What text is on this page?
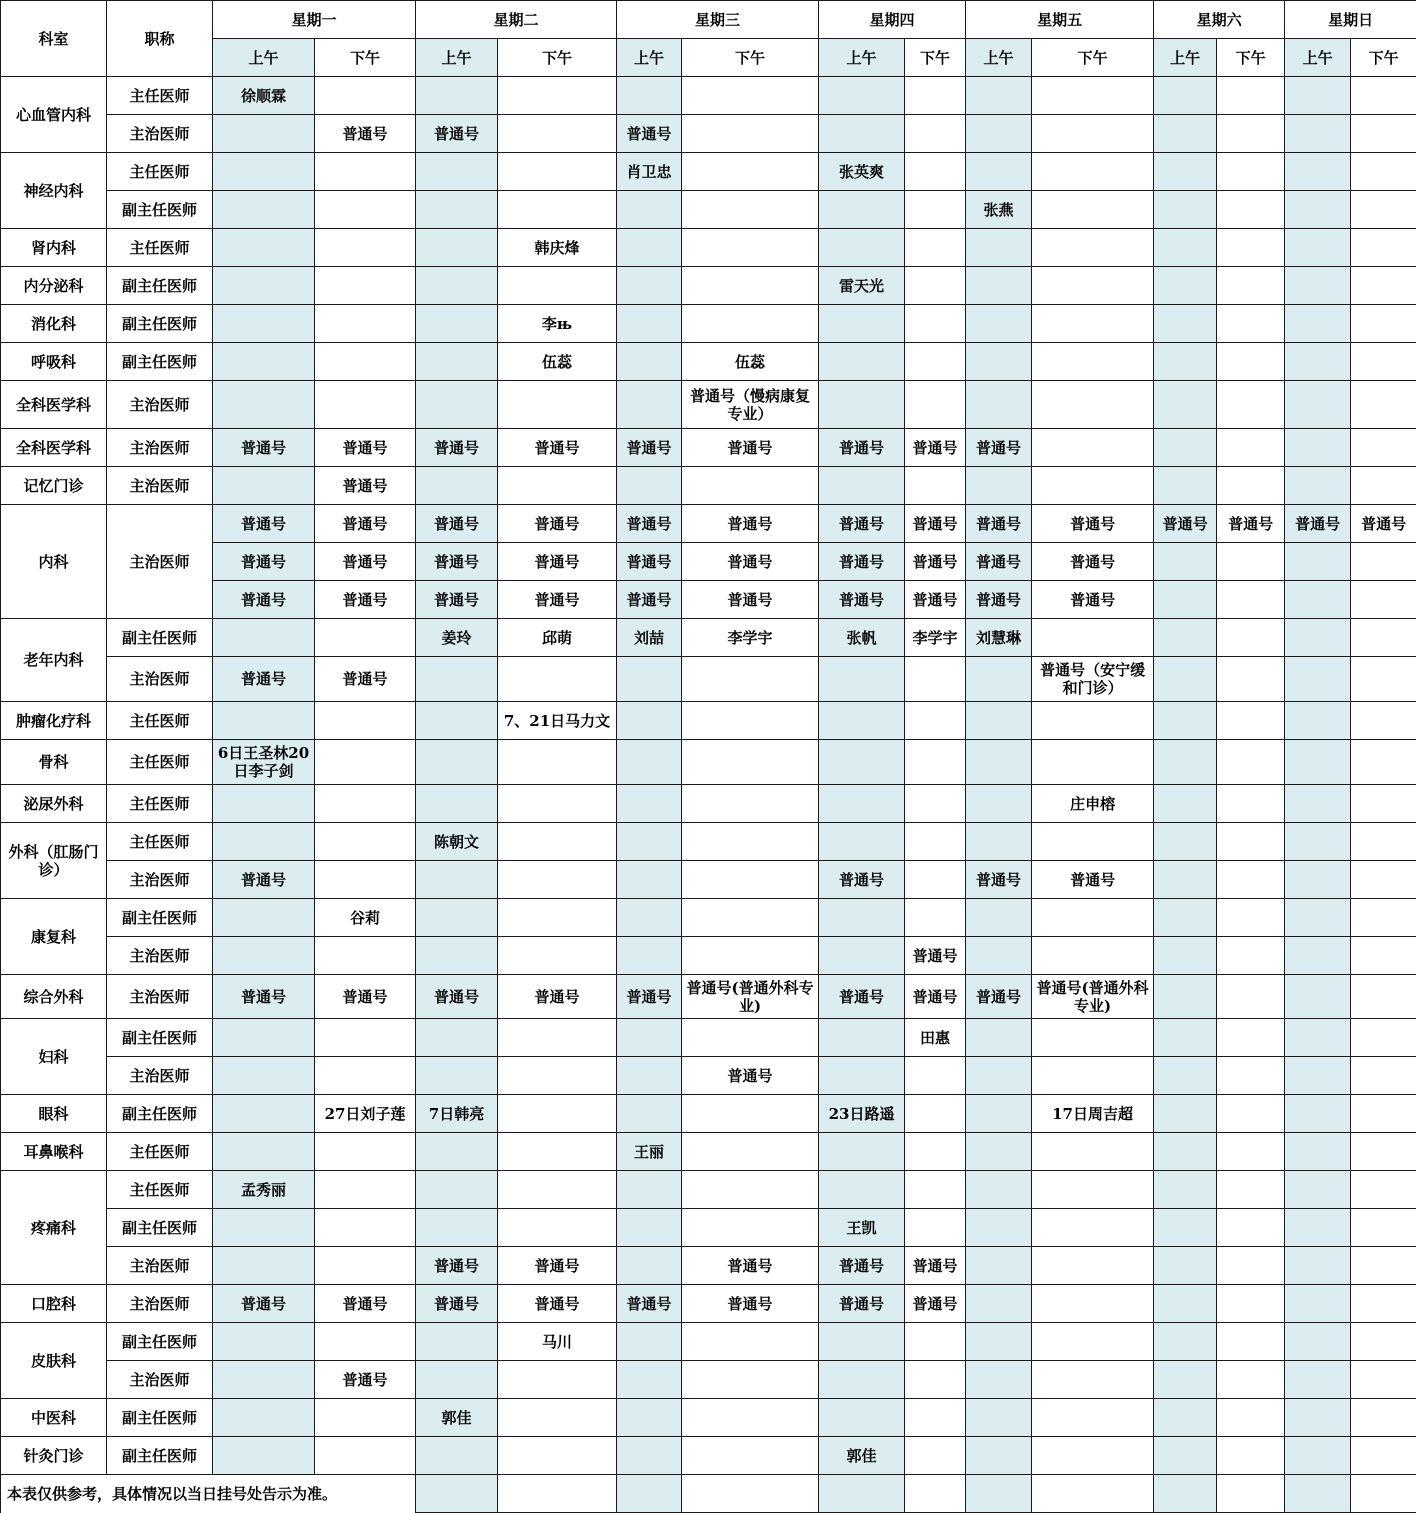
科室	职称	星期一		星期二		星期三		星期四		星期五		星期六		星期日	
		上午	下午	上午	下午	上午	下午	上午	下午	上午	下午	上午	下午	上午	下午
心血管内科	主任医师	徐顺霖													
	主治医师		普通号	普通号		普通号									
神经内科	主任医师					肖卫忠		张英爽							
	副主任医师									张燕					
肾内科	主任医师				韩庆烽										
内分泌科	副主任医师							雷天光							
消化科	副主任医师				李њ										
呼吸科	副主任医师				伍蕊		伍蕊								
全科医学科	主治医师						普通号（慢病康复专业）								
全科医学科	主治医师	普通号	普通号	普通号	普通号	普通号	普通号	普通号	普通号	普通号					
记忆门诊	主治医师		普通号												
内科	主治医师	普通号	普通号	普通号	普通号	普通号	普通号	普通号	普通号	普通号	普通号	普通号	普通号	普通号	普通号
		普通号	普通号	普通号	普通号	普通号	普通号	普通号	普通号	普通号	普通号				
		普通号	普通号	普通号	普通号	普通号	普通号	普通号	普通号	普通号	普通号				
老年内科	副主任医师			姜玲	邱萌	刘喆	李学宇	张帆	李学宇	刘慧琳					
	主治医师	普通号	普通号								普通号（安宁缓和门诊）				
肿瘤化疗科	主任医师				7、21日马力文										
骨科	主任医师	6日王圣林20日李子剑													
泌尿外科	主任医师										庄申榕				
外科（肛肠门诊）	主任医师			陈朝文											
	主治医师	普通号						普通号		普通号	普通号				
康复科	副主任医师		谷莉												
	主治医师								普通号						
综合外科	主治医师	普通号	普通号	普通号	普通号	普通号	普通号(普通外科专业)	普通号	普通号	普通号	普通号(普通外科专业)				
妇科	副主任医师								田惠						
	主治医师						普通号								
眼科	副主任医师		27日刘子莲	7日韩亮				23日路遥			17日周吉超				
耳鼻喉科	主任医师					王丽									
疼痛科	主任医师	孟秀丽													
	副主任医师							王凯							
	主治医师			普通号	普通号		普通号	普通号	普通号						
口腔科	主治医师	普通号	普通号	普通号	普通号	普通号	普通号	普通号	普通号						
皮肤科	副主任医师				马川										
	主治医师		普通号												
中医科	副主任医师			郭佳											
针灸门诊	副主任医师							郭佳							
本表仅供参考，具体情况以当日挂号处告示为准。															
